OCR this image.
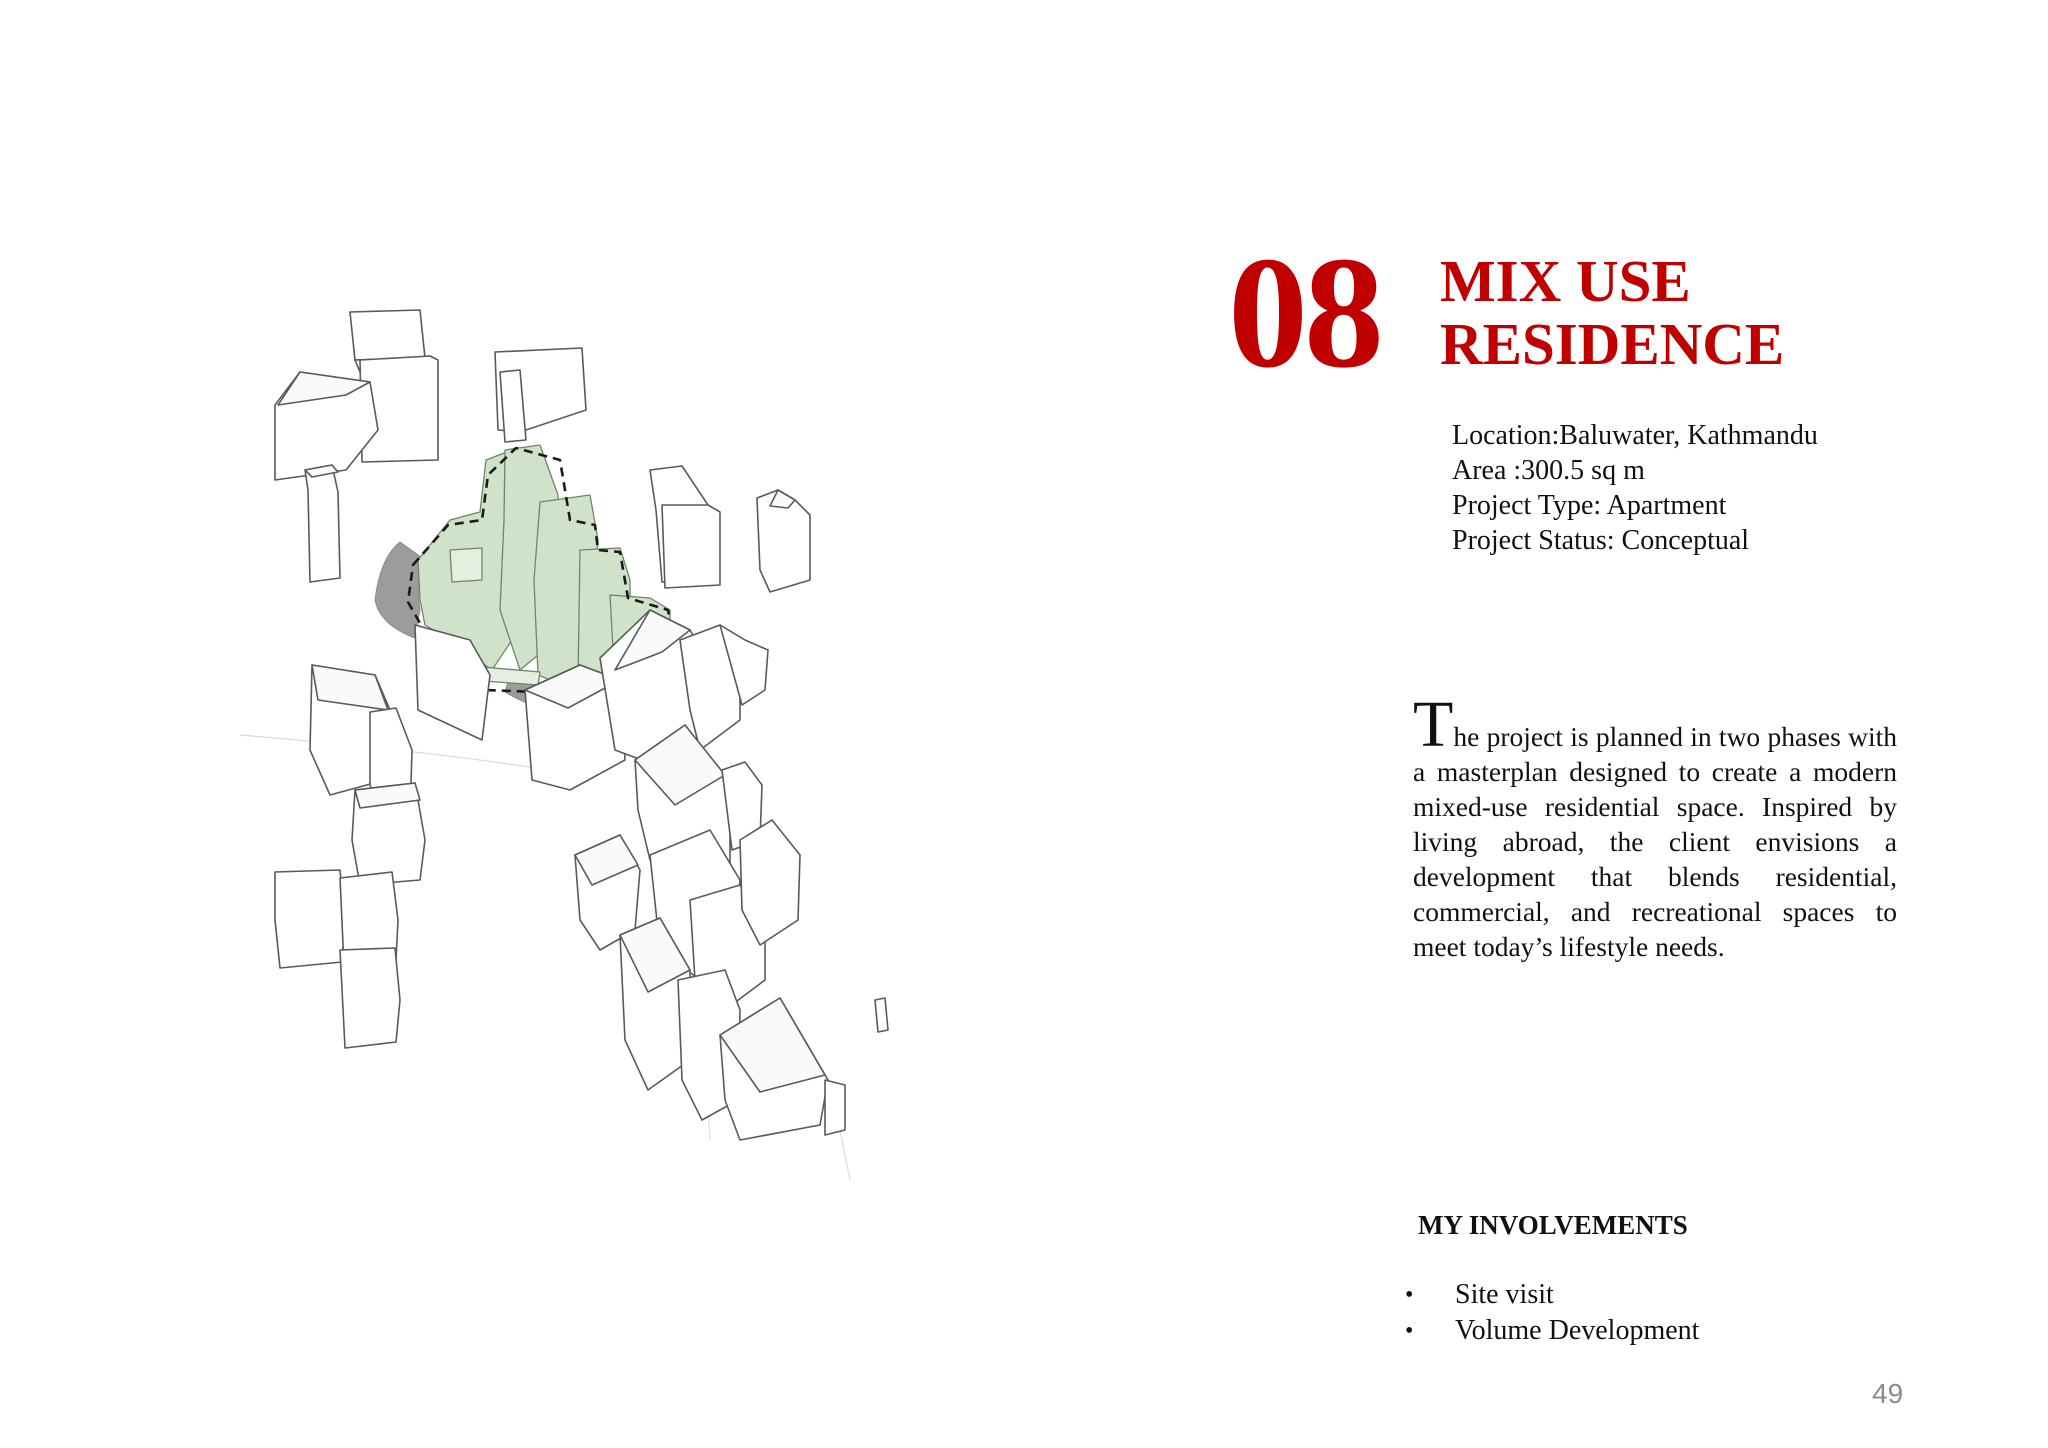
08 MIX USE
RESIDENCE
Location:Baluwater, Kathmandu
Area :300.5 sq m
Project Type: Apartment
Project Status: Conceptual
The project is planned in two phases with a masterplan designed to create a modern mixed-use residential space. Inspired by living abroad, the client envisions a development that blends residential, commercial, and recreational spaces to meet today’s lifestyle needs.
MY INVOLVEMENTS
• Site visit
• Volume Development
49
